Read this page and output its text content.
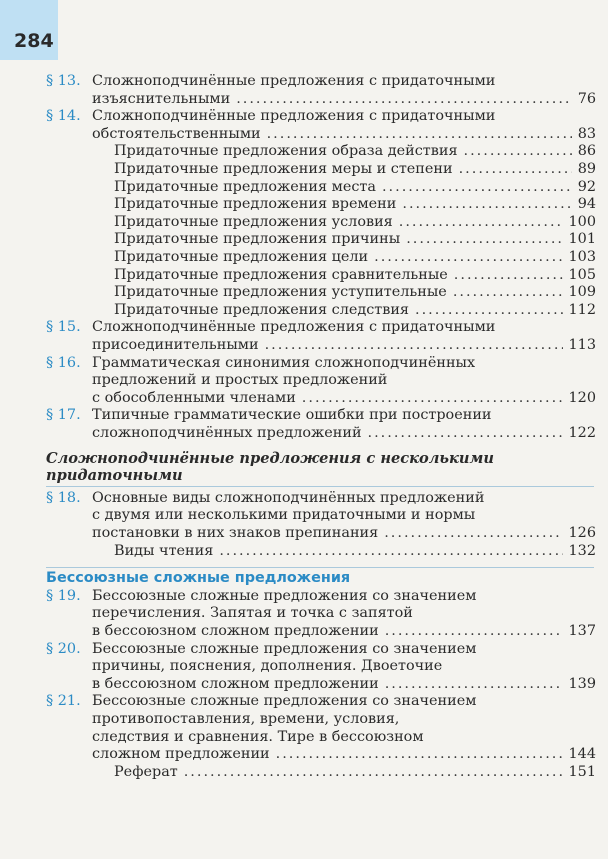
284
§ 13. Сложноподчинённые предложения с придаточными
изъяснительными .....	76
§ 14. Сложноподчинённые предложения с придаточными
обстоятельственными .....	83
Придаточные предложения образа действия .....	86
Придаточные предложения меры и степени .....	89
Придаточные предложения места .....	92
Придаточные предложения времени .....	94
Придаточные предложения условия .....	100
Придаточные предложения причины .....	101
Придаточные предложения цели .....	103
Придаточные предложения сравнительные .....	105
Придаточные предложения уступительные .....	109
Придаточные предложения следствия .....	112
§ 15. Сложноподчинённые предложения с придаточными
присоединительными .....	113
§ 16. Грамматическая синонимия сложноподчинённых
предложений и простых предложений
с обособленными членами .....	120
§ 17. Типичные грамматические ошибки при построении
сложноподчинённых предложений .....	122
Сложноподчинённые предложения с несколькими
придаточными
§ 18. Основные виды сложноподчинённых предложений
с двумя или несколькими придаточными и нормы
постановки в них знаков препинания .....	126
Виды чтения .....	132
Бессоюзные сложные предложения
§ 19. Бессоюзные сложные предложения со значением
перечисления. Запятая и точка с запятой
в бессоюзном сложном предложении .....	137
§ 20. Бессоюзные сложные предложения со значением
причины, пояснения, дополнения. Двоеточие
в бессоюзном сложном предложении .....	139
§ 21. Бессоюзные сложные предложения со значением
противопоставления, времени, условия,
следствия и сравнения. Тире в бессоюзном
сложном предложении .....	144
Реферат .....	151
